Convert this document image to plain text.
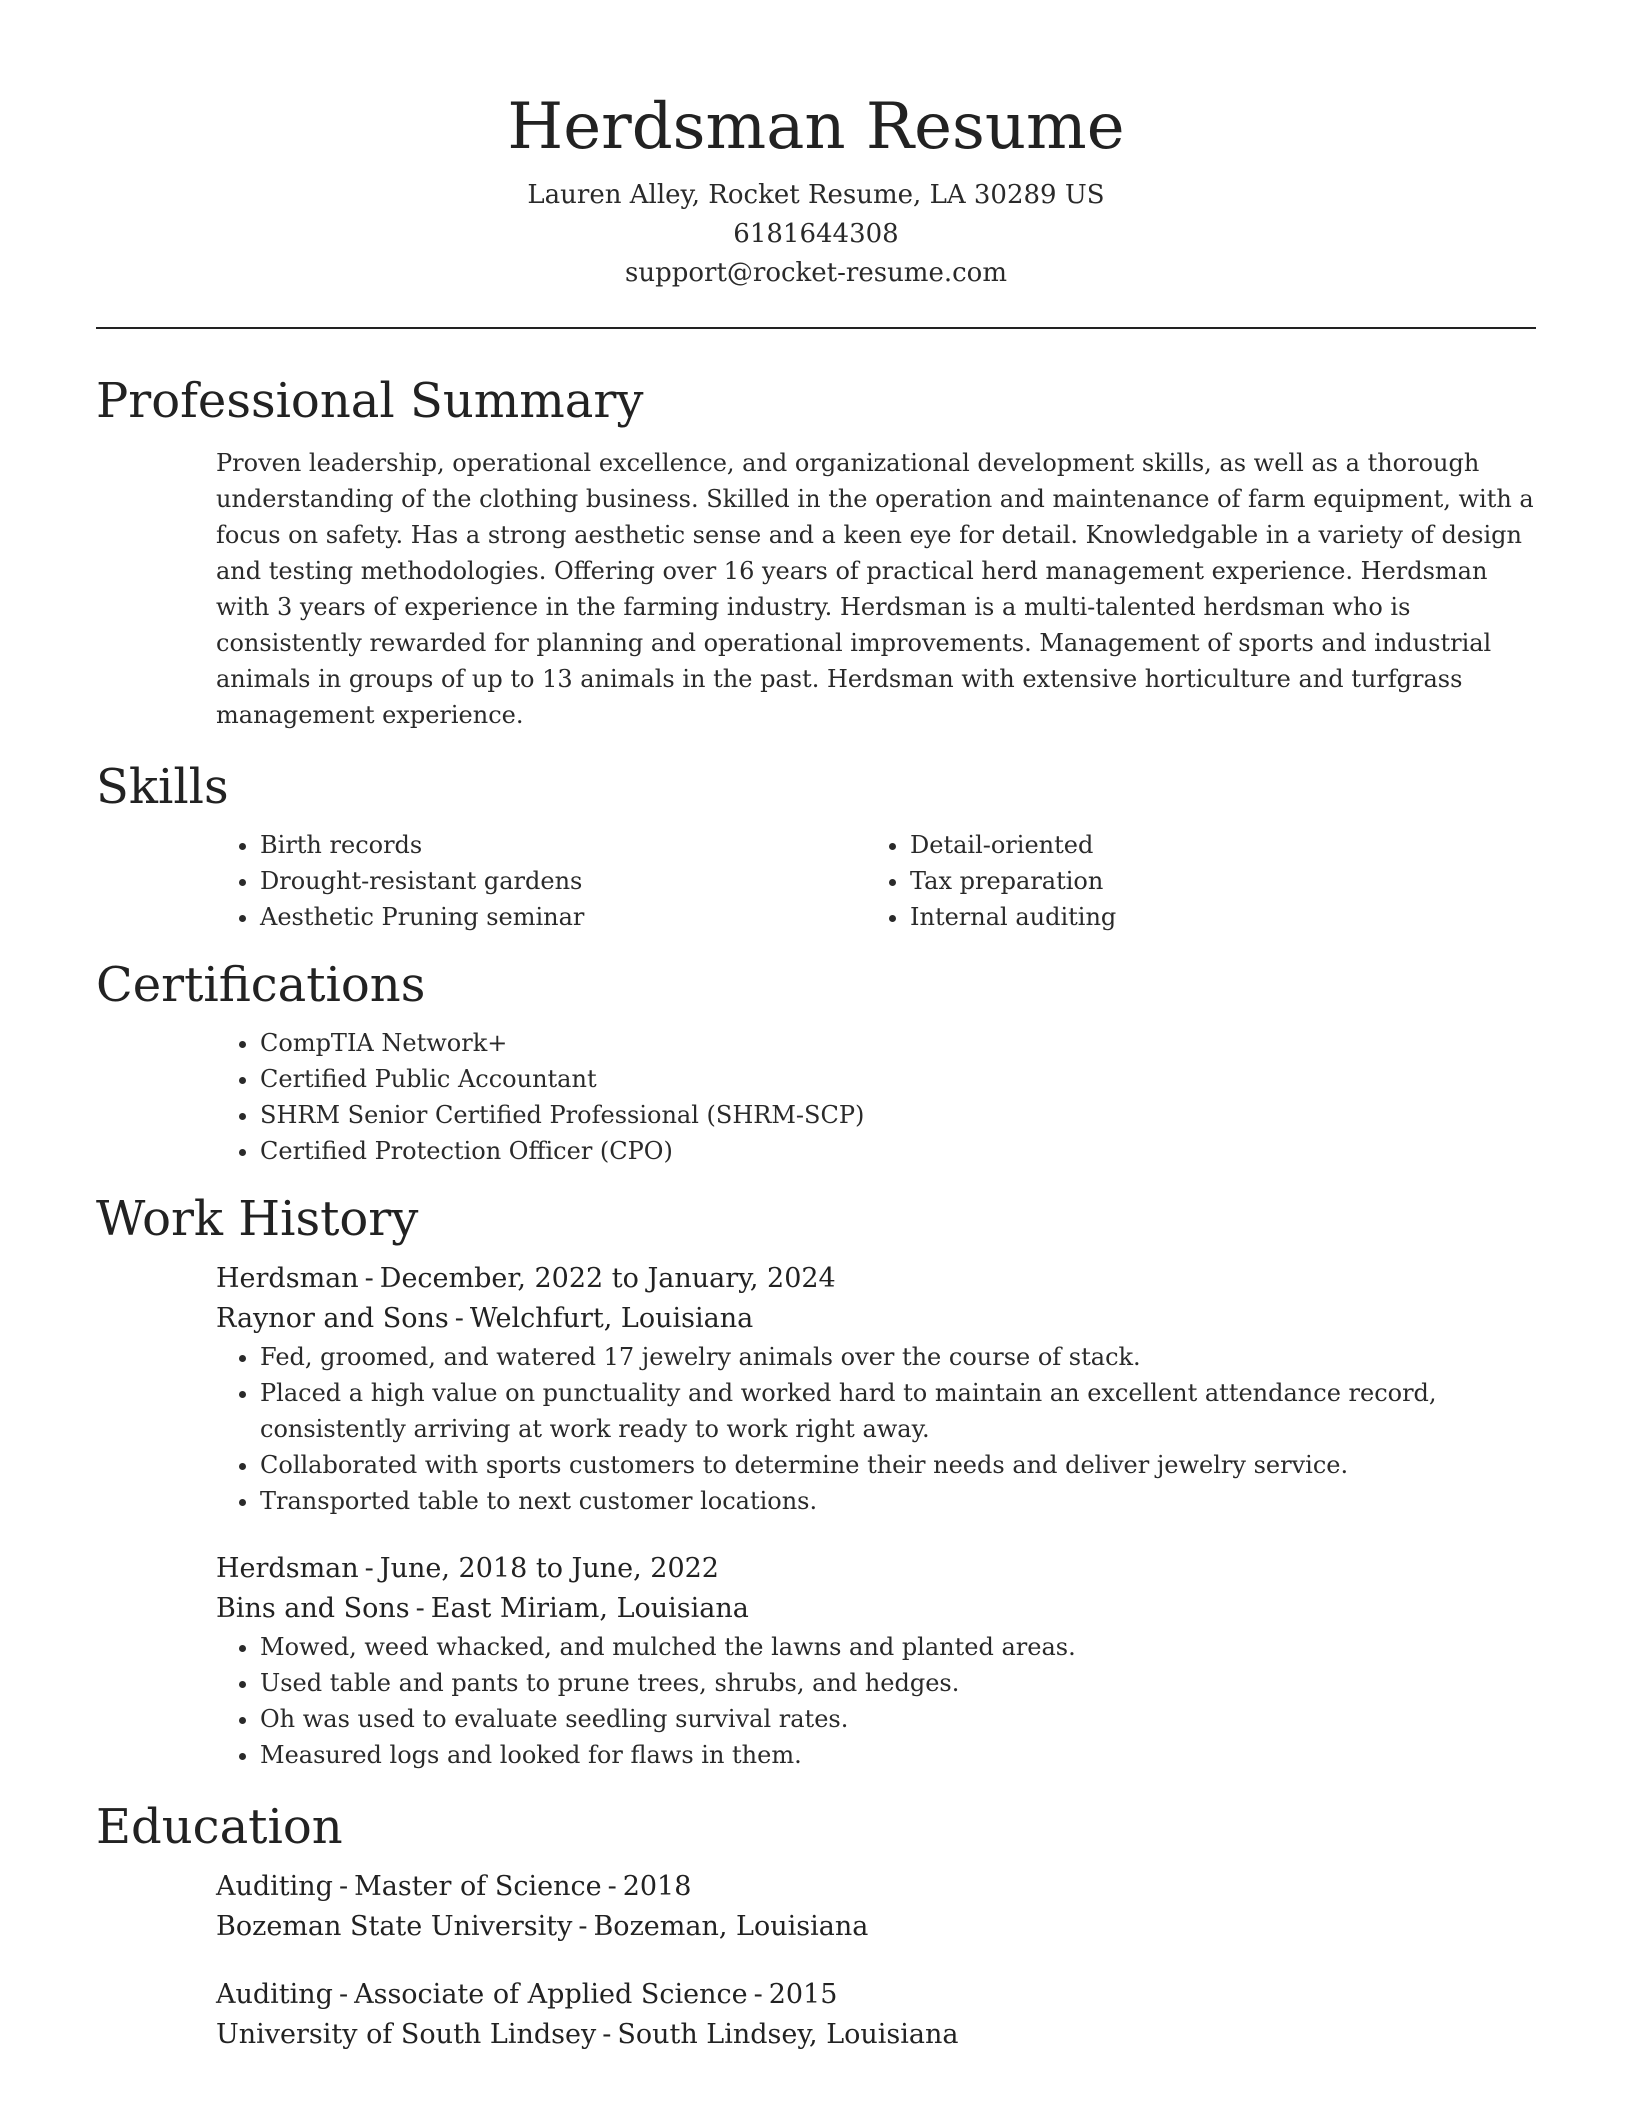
Herdsman Resume

Lauren Alley, Rocket Resume, LA 30289 US

6181644308

support@rocket-resume.com

Professional Summary

Proven leadership, operational excellence, and organizational development skills, as well as a thorough understanding of the clothing business. Skilled in the operation and maintenance of farm equipment, with a focus on safety. Has a strong aesthetic sense and a keen eye for detail. Knowledgable in a variety of design and testing methodologies. Offering over 16 years of practical herd management experience. Herdsman with 3 years of experience in the farming industry. Herdsman is a multi-talented herdsman who is consistently rewarded for planning and operational improvements. Management of sports and industrial animals in groups of up to 13 animals in the past. Herdsman with extensive horticulture and turfgrass management experience.

Skills
• Birth records
• Drought-resistant gardens
• Aesthetic Pruning seminar
• Detail-oriented
• Tax preparation
• Internal auditing
Certifications
• CompTIA Network+
• Certified Public Accountant
• SHRM Senior Certified Professional (SHRM-SCP)
• Certified Protection Officer (CPO)
Work History

Herdsman - December, 2022 to January, 2024

Raynor and Sons - Welchfurt, Louisiana

• Fed, groomed, and watered 17 jewelry animals over the course of stack.
• Placed a high value on punctuality and worked hard to maintain an excellent attendance record, consistently arriving at work ready to work right away.
• Collaborated with sports customers to determine their needs and deliver jewelry service.
• Transported table to next customer locations.

Herdsman - June, 2018 to June, 2022

Bins and Sons - East Miriam, Louisiana

• Mowed, weed whacked, and mulched the lawns and planted areas.
• Used table and pants to prune trees, shrubs, and hedges.
• Oh was used to evaluate seedling survival rates.
• Measured logs and looked for flaws in them.
Education

Auditing - Master of Science - 2018

Bozeman State University - Bozeman, Louisiana

Auditing - Associate of Applied Science - 2015

University of South Lindsey - South Lindsey, Louisiana
